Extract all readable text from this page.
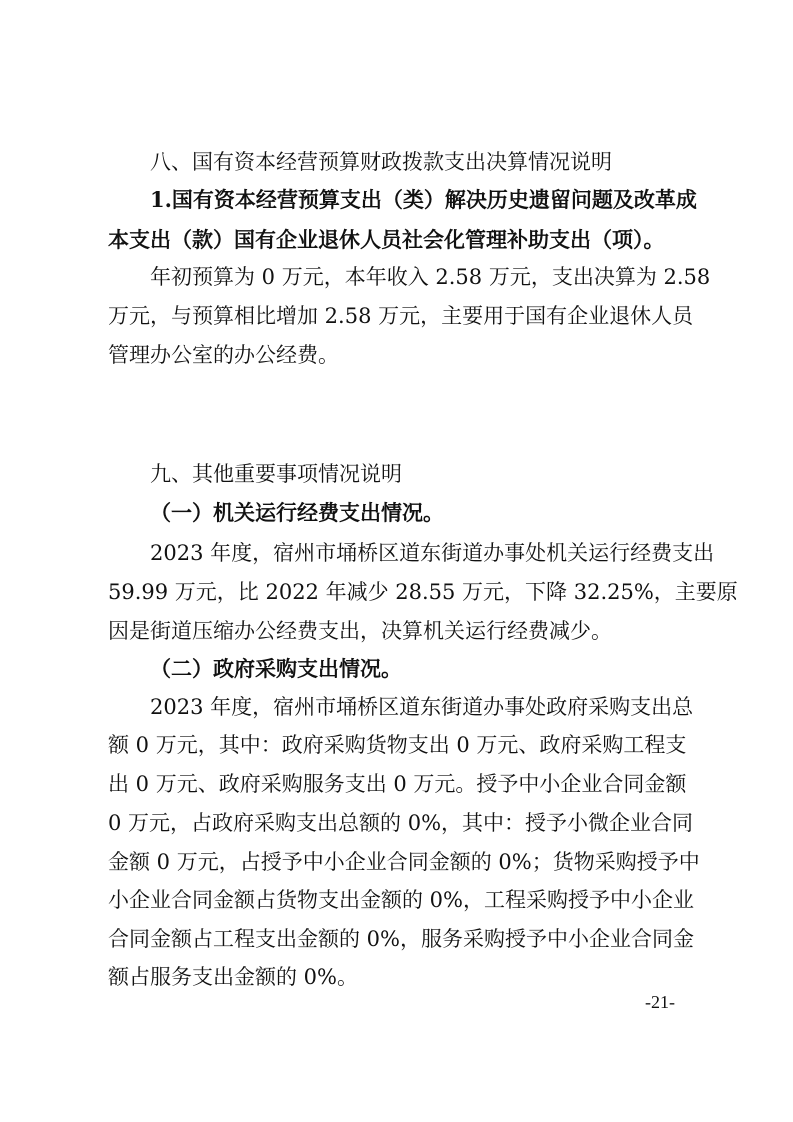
八、国有资本经营预算财政拨款支出决算情况说明
1.国有资本经营预算支出（类）解决历史遗留问题及改革成
本支出（款）国有企业退休人员社会化管理补助支出（项）。
年初预算为 0 万元，本年收入 2.58 万元，支出决算为 2.58
万元，与预算相比增加 2.58 万元，主要用于国有企业退休人员
管理办公室的办公经费。
九、其他重要事项情况说明
（一）机关运行经费支出情况。
2023 年度，宿州市埇桥区道东街道办事处机关运行经费支出
59.99 万元，比 2022 年减少 28.55 万元，下降 32.25%，主要原
因是街道压缩办公经费支出，决算机关运行经费减少。
（二）政府采购支出情况。
2023 年度，宿州市埇桥区道东街道办事处政府采购支出总
额 0 万元，其中：政府采购货物支出 0 万元、政府采购工程支
出 0 万元、政府采购服务支出 0 万元。授予中小企业合同金额
0 万元，占政府采购支出总额的 0%，其中：授予小微企业合同
金额 0 万元，占授予中小企业合同金额的 0%；货物采购授予中
小企业合同金额占货物支出金额的 0%，工程采购授予中小企业
合同金额占工程支出金额的 0%，服务采购授予中小企业合同金
额占服务支出金额的 0%。
-21-
